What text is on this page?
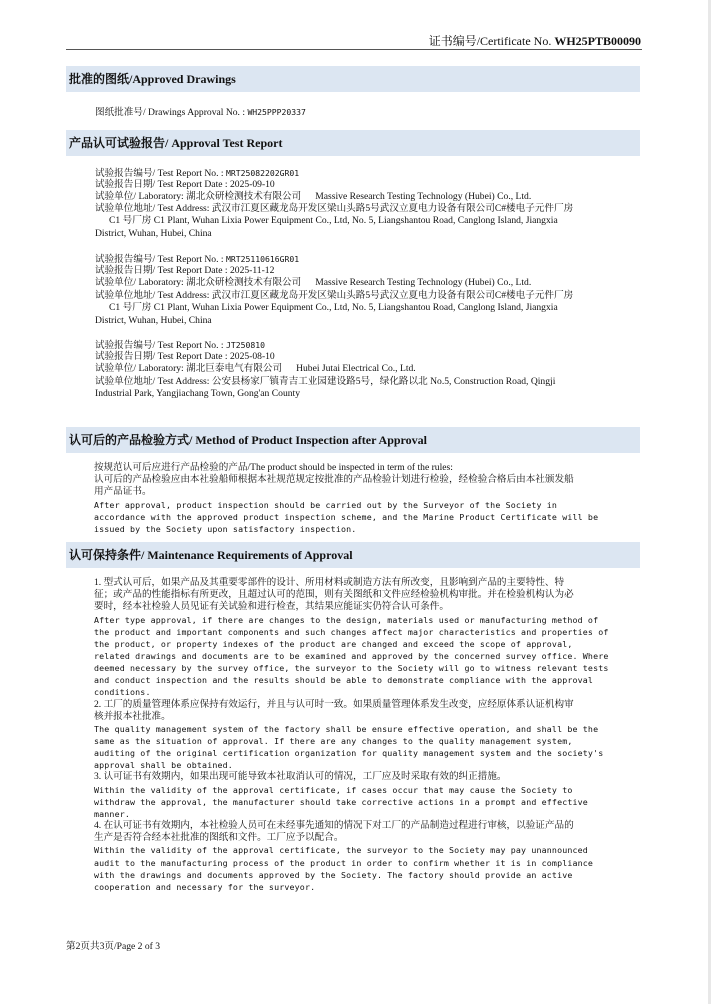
证书编号/Certificate No. WH25PTB00090
批准的图纸/Approved Drawings
图纸批准号/ Drawings Approval No. : WH25PPP20337
产品认可试验报告/ Approval Test Report
试验报告编号/ Test Report No. : MRT25082202GR01
试验报告日期/ Test Report Date : 2025-09-10
试验单位/ Laboratory: 湖北众研检测技术有限公司 Massive Research Testing Technology (Hubei) Co., Ltd.
试验单位地址/ Test Address: 武汉市江夏区藏龙岛开发区梁山头路5号武汉立夏电力设备有限公司C#楼电子元件厂房
C1 号厂房 C1 Plant, Wuhan Lixia Power Equipment Co., Ltd, No. 5, Liangshantou Road, Canglong Island, Jiangxia
District, Wuhan, Hubei, China
试验报告编号/ Test Report No. : MRT25110616GR01
试验报告日期/ Test Report Date : 2025-11-12
试验单位/ Laboratory: 湖北众研检测技术有限公司 Massive Research Testing Technology (Hubei) Co., Ltd.
试验单位地址/ Test Address: 武汉市江夏区藏龙岛开发区梁山头路5号武汉立夏电力设备有限公司C#楼电子元件厂房
C1 号厂房 C1 Plant, Wuhan Lixia Power Equipment Co., Ltd, No. 5, Liangshantou Road, Canglong Island, Jiangxia
District, Wuhan, Hubei, China
试验报告编号/ Test Report No. : JT250810
试验报告日期/ Test Report Date : 2025-08-10
试验单位/ Laboratory: 湖北巨泰电气有限公司 Hubei Jutai Electrical Co., Ltd.
试验单位地址/ Test Address: 公安县杨家厂镇青吉工业园建设路5号，绿化路以北 No.5, Construction Road, Qingji
Industrial Park, Yangjiachang Town, Gong'an County
认可后的产品检验方式/ Method of Product Inspection after Approval
按规范认可后应进行产品检验的产品/The product should be inspected in term of the rules:
认可后的产品检验应由本社验船师根据本社规范规定按批准的产品检验计划进行检验，经检验合格后由本社颁发船
用产品证书。
After approval, product inspection should be carried out by the Surveyor of the Society in
accordance with the approved product inspection scheme, and the Marine Product Certificate will be
issued by the Society upon satisfactory inspection.
认可保持条件/ Maintenance Requirements of Approval
1. 型式认可后，如果产品及其重要零部件的设计、所用材料或制造方法有所改变，且影响到产品的主要特性、特
征；或产品的性能指标有所更改，且超过认可的范围，则有关图纸和文件应经检验机构审批。并在检验机构认为必
要时，经本社检验人员见证有关试验和进行检查，其结果应能证实仍符合认可条件。
After type approval, if there are changes to the design, materials used or manufacturing method of
the product and important components and such changes affect major characteristics and properties of
the product, or property indexes of the product are changed and exceed the scope of approval,
related drawings and documents are to be examined and approved by the concerned survey office. Where
deemed necessary by the survey office, the surveyor to the Society will go to witness relevant tests
and conduct inspection and the results should be able to demonstrate compliance with the approval
conditions.
2. 工厂的质量管理体系应保持有效运行，并且与认可时一致。如果质量管理体系发生改变，应经原体系认证机构审
核并报本社批准。
The quality management system of the factory shall be ensure effective operation, and shall be the
same as the situation of approval. If there are any changes to the quality management system,
auditing of the original certification organization for quality management system and the society's
approval shall be obtained.
3. 认可证书有效期内，如果出现可能导致本社取消认可的情况，工厂应及时采取有效的纠正措施。
Within the validity of the approval certificate, if cases occur that may cause the Society to
withdraw the approval, the manufacturer should take corrective actions in a prompt and effective
manner.
4. 在认可证书有效期内，本社检验人员可在未经事先通知的情况下对工厂的产品制造过程进行审核，以验证产品的
生产是否符合经本社批准的图纸和文件。工厂应予以配合。
Within the validity of the approval certificate, the surveyor to the Society may pay unannounced
audit to the manufacturing process of the product in order to confirm whether it is in compliance
with the drawings and documents approved by the Society. The factory should provide an active
cooperation and necessary for the surveyor.
第2页共3页/Page 2 of 3
